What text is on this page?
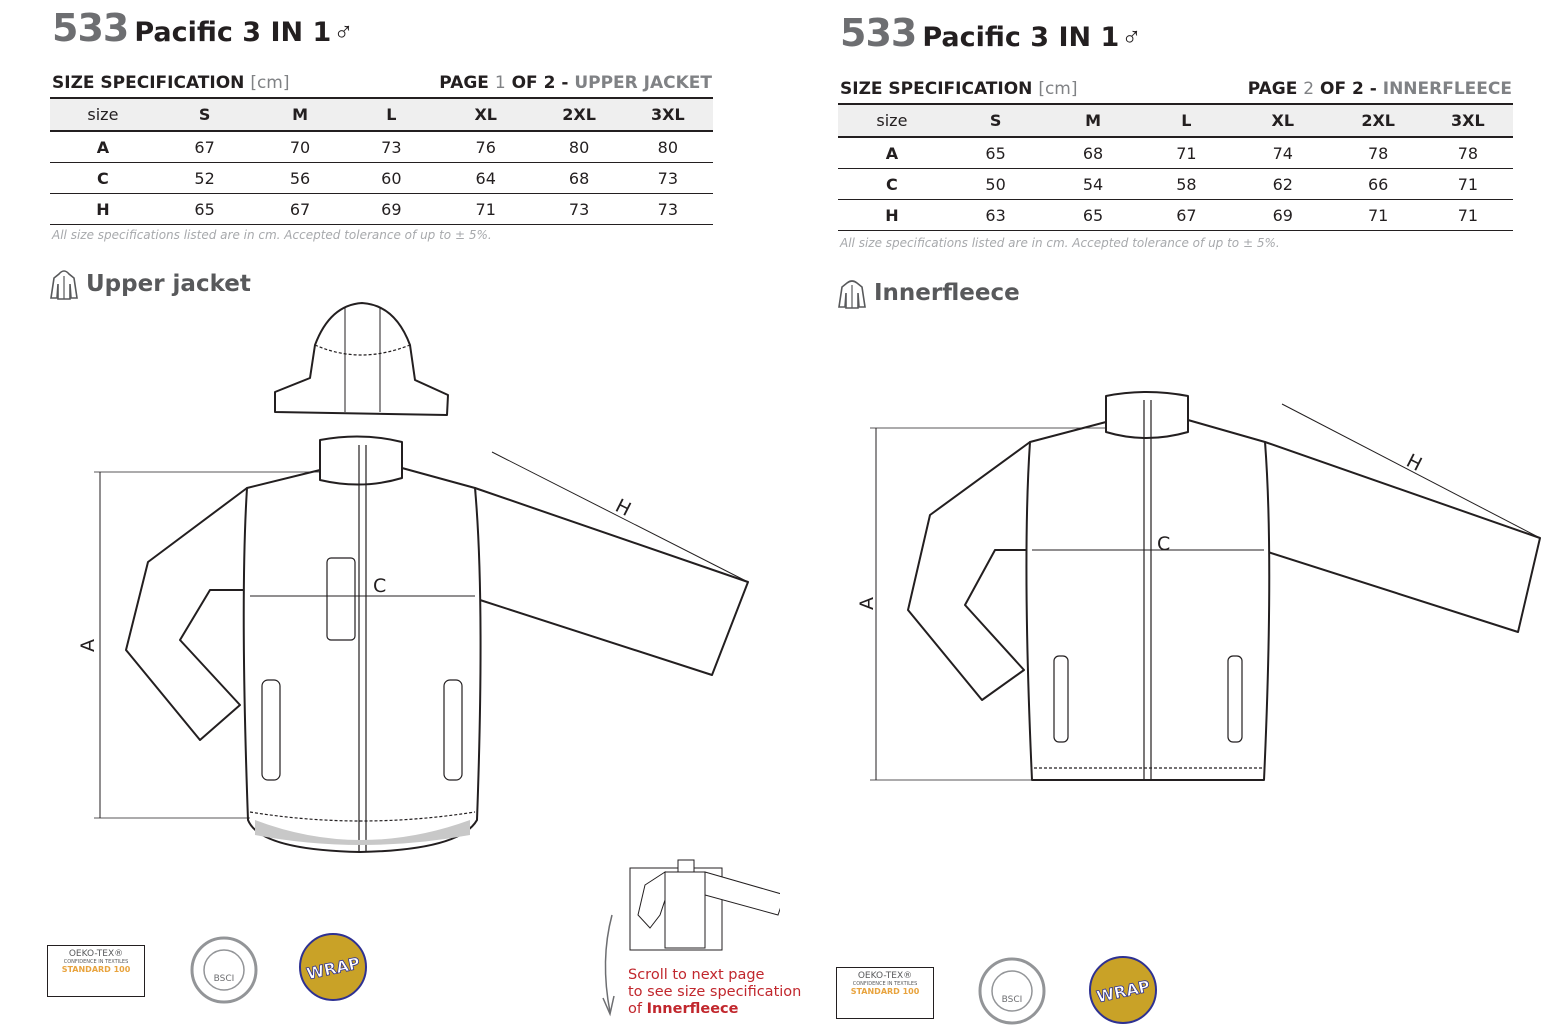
533 Pacific 3 IN 1♂
SIZE SPECIFICATION [cm]	PAGE 1 OF 2 - UPPER JACKET
size	S	M	L	XL	2XL	3XL
A	67	70	73	76	80	80
C	52	56	60	64	68	73
H	65	67	69	71	73	73
All size specifications listed are in cm. Accepted tolerance of up to ± 5%.
Upper jacket
A
C
H
OEKO-TEX®
CONFIDENCE IN TEXTILES
STANDARD 100
BSCI	WRAP	Scroll to next page
to see size specification
of Innerfleece
533 Pacific 3 IN 1♂
SIZE SPECIFICATION [cm]	PAGE 2 OF 2 - INNERFLEECE
size	S	M	L	XL	2XL	3XL
A	65	68	71	74	78	78
C	50	54	58	62	66	71
H	63	65	67	69	71	71
All size specifications listed are in cm. Accepted tolerance of up to ± 5%.
Innerfleece
A
C
H
OEKO-TEX®
CONFIDENCE IN TEXTILES
STANDARD 100
BSCI	WRAP
